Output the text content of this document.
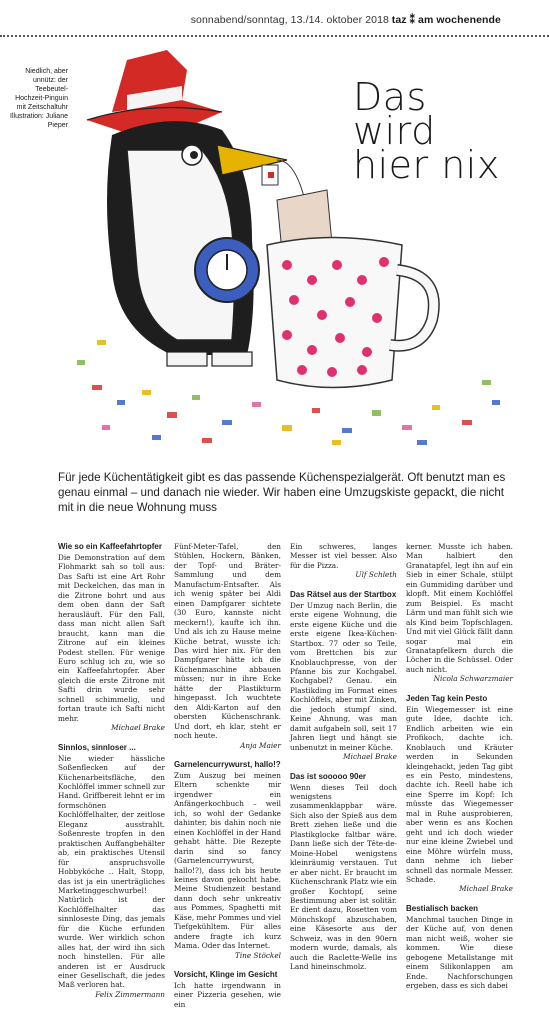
sonnabend/sonntag, 13./14. oktober 2018 taz ⁑ am wochenende
Niedlich, aber unnütz: der Teebeutel-Hochzeit-Pinguin mit Zeitschaltuhr Illustration: Juliane Pieper
Das
wird
hier nix
Für jede Küchentätigkeit gibt es das passende Küchenspezialgerät. Oft benutzt man es genau einmal – und danach nie wieder. Wir haben eine Umzugskiste gepackt, die nicht mit in die neue Wohnung muss
Wie so ein Kaffeefahrtopfer

Die Demonstration auf dem Flohmarkt sah so toll aus: Das Safti ist eine Art Rohr mit Deckelchen, das man in die Zitrone bohrt und aus dem oben dann der Saft herausläuft. Für den Fall, dass man nicht allen Saft braucht, kann man die Zitrone auf ein kleines Podest stellen. Für wenige Euro schlug ich zu, wie so ein Kaffeefahrtopfer. Aber gleich die erste Zitrone mit Safti drin wurde sehr schnell schimmelig, und fortan traute ich Safti nicht mehr.

Michael Brake

Sinnlos, sinnloser ...

Nie wieder hässliche Soßenflecken auf der Küchenarbeitsfläche, den Kochlöffel immer schnell zur Hand. Griffbereit lehnt er im formschönen Kochlöffelhalter, der zeitlose Eleganz ausstrahlt. Soßenreste tropfen in den praktischen Auffangbehälter ab, ein praktisches Utensil für anspruchsvolle Hobbyköche .. Halt, Stopp, das ist ja ein unerträgliches Marketinggeschwurbel! Natürlich ist der Kochlöffelhalter das sinnloseste Ding, das jemals für die Küche erfunden wurde. Wer wirklich schon alles hat, der wird ihn sich noch hinstellen. Für alle anderen ist er Ausdruck einer Gesellschaft, die jedes Maß verloren hat.

Felix Zimmermann

Fünf-Meter-Tafel, den Stühlen, Hockern, Bänken, der Topf- und Bräter-Sammlung und dem Manufactum-Entsafter. Als ich wenig später bei Aldi einen Dampfgarer sichtete (30 Euro, kannste nicht meckern!), kaufte ich ihn. Und als ich zu Hause meine Küche betrat, wusste ich: Das wird hier nix. Für den Dampfgarer hätte ich die Küchenmaschine abbauen müssen; nur in ihre Ecke hätte der Plastikturm hingepasst. Ich wuchtete den Aldi-Karton auf den obersten Küchenschrank. Und dort, eh klar, steht er noch heute.

Anja Maier

Garnelencurrywurst, hallo!?

Zum Auszug bei meinen Eltern schenkte mir irgendwer ein Anfängerkochbuch – weil ich, so wohl der Gedanke dahinter, bis dahin noch nie einen Kochlöffel in der Hand gehabt hätte. Die Rezepte darin sind so fancy (Garnelencurrywurst, hallo!?), dass ich bis heute keines davon gekocht habe. Meine Studienzeit bestand dann doch sehr unkreativ aus Pommes, Spaghetti mit Käse, mehr Pommes und viel Tiefgekühltem. Für alles andere fragte ich kurz Mama. Oder das Internet.

Tine Stöckel

Vorsicht, Klinge im Gesicht

Ich hatte irgendwann in einer Pizzeria gesehen, wie ein

Ein schweres, langes Messer ist viel besser. Also für die Pizza.

Ulf Schleth

Das Rätsel aus der Startbox

Der Umzug nach Berlin, die erste eigene Wohnung, die erste eigene Küche und die erste eigene Ikea-Küchen-Startbox. 77 oder so Teile, vom Brettchen bis zur Knoblauchpresse, von der Pfanne bis zur Kochgabel. Kochgabel? Genau. ein Plastikding im Format eines Kochlöffels, aber mit Zinken, die jedoch stumpf sind. Keine Ahnung, was man damit aufgabeln soll, seit 17 Jahren liegt und hängt sie unbenutzt in meiner Küche.

Michael Brake

Das ist sooooo 90er

Wenn dieses Teil doch wenigstens zusammenklappbar wäre. Sich also der Spieß aus dem Brett ziehen ließe und die Plastikglocke faltbar wäre. Dann ließe sich der Tête-de-Moine-Hobel wenigstens kleinräumig verstauen. Tut er aber nicht. Er braucht im Küchenschrank Platz wie ein großer Kochtopf, seine Bestimmung aber ist solitär. Er dient dazu, Rosetten vom Mönchskopf abzuschaben, eine Käsesorte aus der Schweiz, was in den 90ern modern wurde, damals, als auch die Raclette-Welle ins Land hineinschmolz.

kerner. Musste ich haben. Man halbiert den Granatapfel, legt ihn auf ein Sieb in einer Schale, stülpt ein Gummiding darüber und klopft. Mit einem Kochlöffel zum Beispiel. Es macht Lärm und man fühlt sich wie als Kind beim Topfschlagen. Und mit viel Glück fällt dann sogar mal ein Granatapfelkern durch die Löcher in die Schüssel. Oder auch nicht.

Nicola Schwarzmaier

Jeden Tag kein Pesto

Ein Wiegemesser ist eine gute Idee, dachte ich. Endlich arbeiten wie ein Profikoch, dachte ich. Knoblauch und Kräuter werden in Sekunden kleingehackt, jeden Tag gibt es ein Pesto, mindestens, dachte ich. Reell habe ich eine Sperre im Kopf: Ich müsste das Wiegemesser mal in Ruhe ausprobieren, aber wenn es ans Kochen geht und ich doch wieder nur eine kleine Zwiebel und eine Möhre würfeln muss, dann nehme ich lieber schnell das normale Messer. Schade.

Michael Brake

Bestialisch backen

Manchmal tauchen Dinge in der Küche auf, von denen man nicht weiß, woher sie kommen. Wie diese gebogene Metallstange mit einem Silikonlappen am Ende. Nachforschungen ergeben, dass es sich dabei
